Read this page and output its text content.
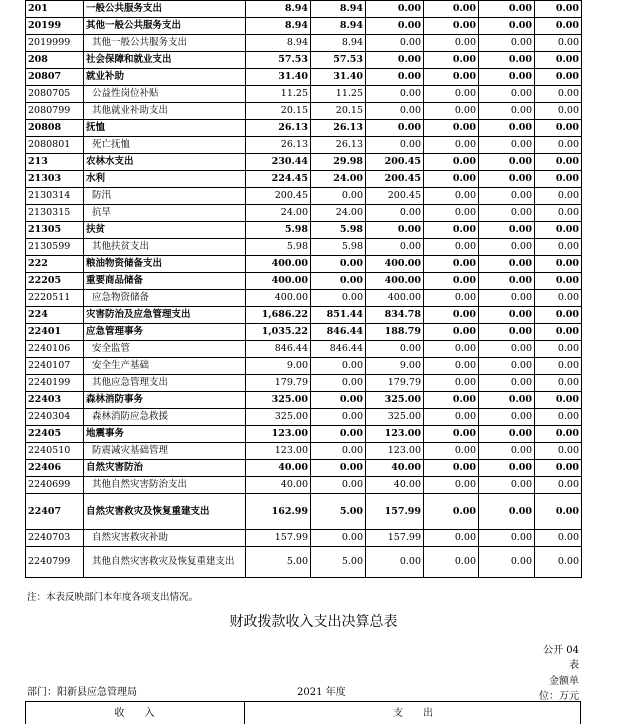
201	一般公共服务支出	8.94	8.94	0.00	0.00	0.00	0.00
20199	其他一般公共服务支出	8.94	8.94	0.00	0.00	0.00	0.00
2019999	其他一般公共服务支出	8.94	8.94	0.00	0.00	0.00	0.00
208	社会保障和就业支出	57.53	57.53	0.00	0.00	0.00	0.00
20807	就业补助	31.40	31.40	0.00	0.00	0.00	0.00
2080705	公益性岗位补贴	11.25	11.25	0.00	0.00	0.00	0.00
2080799	其他就业补助支出	20.15	20.15	0.00	0.00	0.00	0.00
20808	抚恤	26.13	26.13	0.00	0.00	0.00	0.00
2080801	死亡抚恤	26.13	26.13	0.00	0.00	0.00	0.00
213	农林水支出	230.44	29.98	200.45	0.00	0.00	0.00
21303	水利	224.45	24.00	200.45	0.00	0.00	0.00
2130314	防汛	200.45	0.00	200.45	0.00	0.00	0.00
2130315	抗旱	24.00	24.00	0.00	0.00	0.00	0.00
21305	扶贫	5.98	5.98	0.00	0.00	0.00	0.00
2130599	其他扶贫支出	5.98	5.98	0.00	0.00	0.00	0.00
222	粮油物资储备支出	400.00	0.00	400.00	0.00	0.00	0.00
22205	重要商品储备	400.00	0.00	400.00	0.00	0.00	0.00
2220511	应急物资储备	400.00	0.00	400.00	0.00	0.00	0.00
224	灾害防治及应急管理支出	1,686.22	851.44	834.78	0.00	0.00	0.00
22401	应急管理事务	1,035.22	846.44	188.79	0.00	0.00	0.00
2240106	安全监管	846.44	846.44	0.00	0.00	0.00	0.00
2240107	安全生产基础	9.00	0.00	9.00	0.00	0.00	0.00
2240199	其他应急管理支出	179.79	0.00	179.79	0.00	0.00	0.00
22403	森林消防事务	325.00	0.00	325.00	0.00	0.00	0.00
2240304	森林消防应急救援	325.00	0.00	325.00	0.00	0.00	0.00
22405	地震事务	123.00	0.00	123.00	0.00	0.00	0.00
2240510	防震减灾基础管理	123.00	0.00	123.00	0.00	0.00	0.00
22406	自然灾害防治	40.00	0.00	40.00	0.00	0.00	0.00
2240699	其他自然灾害防治支出	40.00	0.00	40.00	0.00	0.00	0.00
22407	自然灾害救灾及恢复重建支出	162.99	5.00	157.99	0.00	0.00	0.00
2240703	自然灾害救灾补助	157.99	0.00	157.99	0.00	0.00	0.00
2240799	其他自然灾害救灾及恢复重建支出	5.00	5.00	0.00	0.00	0.00	0.00
注：本表反映部门本年度各项支出情况。
财政拨款收入支出决算总表
公开 04
表
金额单
位：万元
部门：阳新县应急管理局	2021 年度
收　　入	支　　出
